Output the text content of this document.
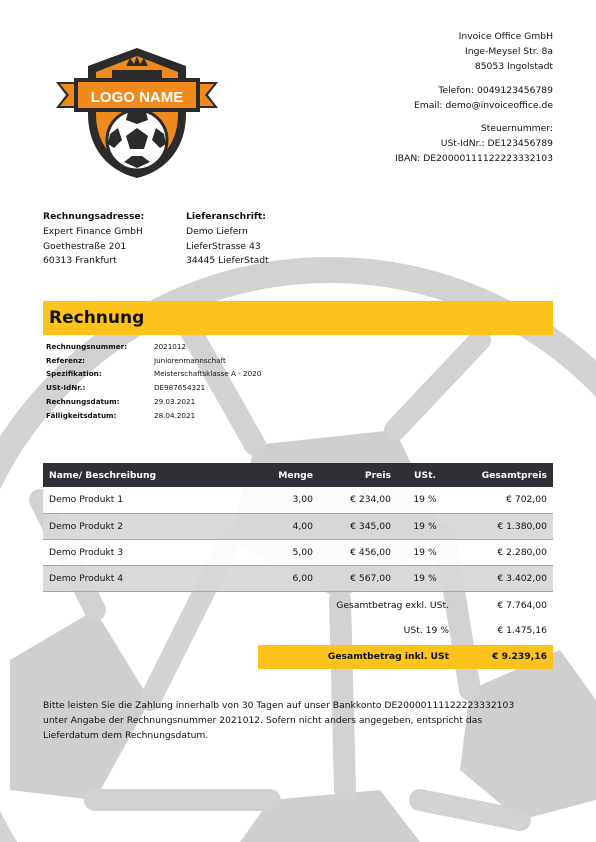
LOGO NAME
Invoice Office GmbH
Inge-Meysel Str. 8a
85053 Ingolstadt
Telefon: 0049123456789
Email: demo@invoiceoffice.de
Steuernummer:
USt-IdNr.: DE123456789
IBAN: DE20000111122223332103
Rechnungsadresse:
Expert Finance GmbH
Goethestraße 201
60313 Frankfurt
Lieferanschrift:
Demo Liefern
LieferStrasse 43
34445 LieferStadt
Rechnung
Rechnungsnummer:	2021012
Referenz:	Juniorenmannschaft
Spezifikation:	Meisterschaftsklasse A - 2020
USt-IdNr.:	DE987654321
Rechnungsdatum:	29.03.2021
Fälligkeitsdatum:	28.04.2021
Name/ Beschreibung	Menge	Preis	USt.	Gesamtpreis
Demo Produkt 1	3,00	€ 234,00	19 %	€ 702,00
Demo Produkt 2	4,00	€ 345,00	19 %	€ 1.380,00
Demo Produkt 3	5,00	€ 456,00	19 %	€ 2.280,00
Demo Produkt 4	6,00	€ 567,00	19 %	€ 3.402,00
Gesamtbetrag exkl. USt.	€ 7.764,00
USt. 19 %	€ 1.475,16
Gesamtbetrag inkl. USt	€ 9.239,16
Bitte leisten Sie die Zahlung innerhalb von 30 Tagen auf unser Bankkonto DE20000111122223332103
unter Angabe der Rechnungsnummer 2021012. Sofern nicht anders angegeben, entspricht das
Lieferdatum dem Rechnungsdatum.
